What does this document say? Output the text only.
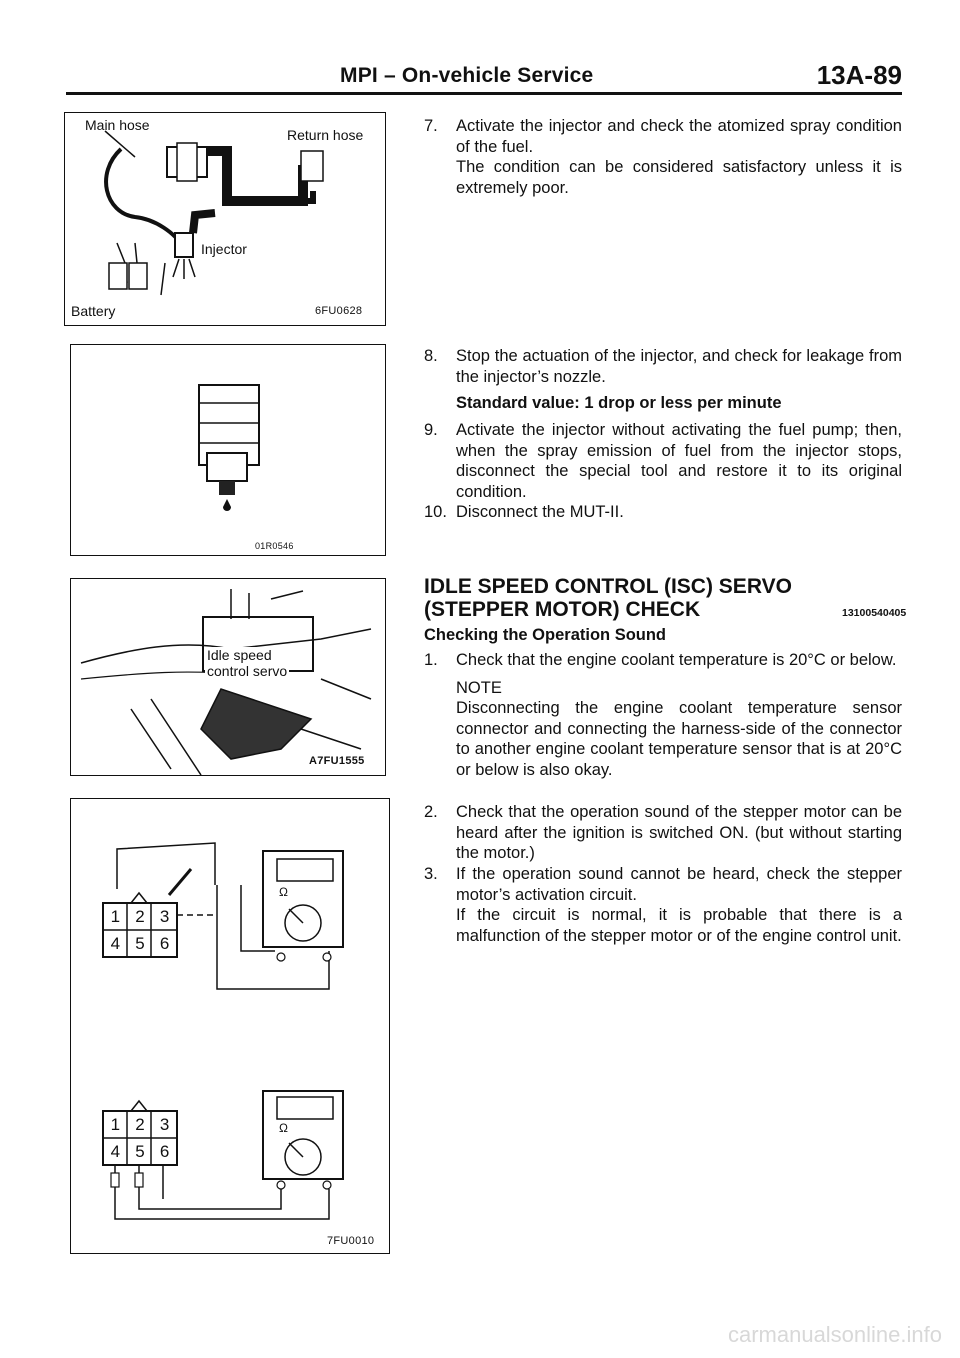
MPI – On-vehicle Service	13A-89
Main hose
Return hose
Injector
Battery	6FU0628
01R0546
Idle speed
control servo
A7FU1555
1 2 3
4 5 6
1 2 3
4 5 6
Ω
Ω
7FU0010
7. Activate the injector and check the atomized spray condition of the fuel.

The condition can be considered satisfactory unless it is extremely poor.

8. Stop the actuation of the injector, and check for leakage from the injector’s nozzle.

Standard value: 1 drop or less per minute
9. Activate the injector without activating the fuel pump; then, when the spray emission of fuel from the injector stops, disconnect the special tool and restore it to its original condition.

10. Disconnect the MUT-II.

IDLE SPEED CONTROL (ISC) SERVO
(STEPPER MOTOR) CHECK	13100540405
Checking the Operation Sound
1. Check that the engine coolant temperature is 20°C or below.

NOTE

Disconnecting the engine coolant temperature sensor connector and connecting the harness-side of the connector to another engine coolant temperature sensor that is at 20°C or below is also okay.

2. Check that the operation sound of the stepper motor can be heard after the ignition is switched ON. (but without starting the motor.)

3. If the operation sound cannot be heard, check the stepper motor’s activation circuit.

If the circuit is normal, it is probable that there is a malfunction of the stepper motor or of the engine control unit.

carmanualsonline.info
